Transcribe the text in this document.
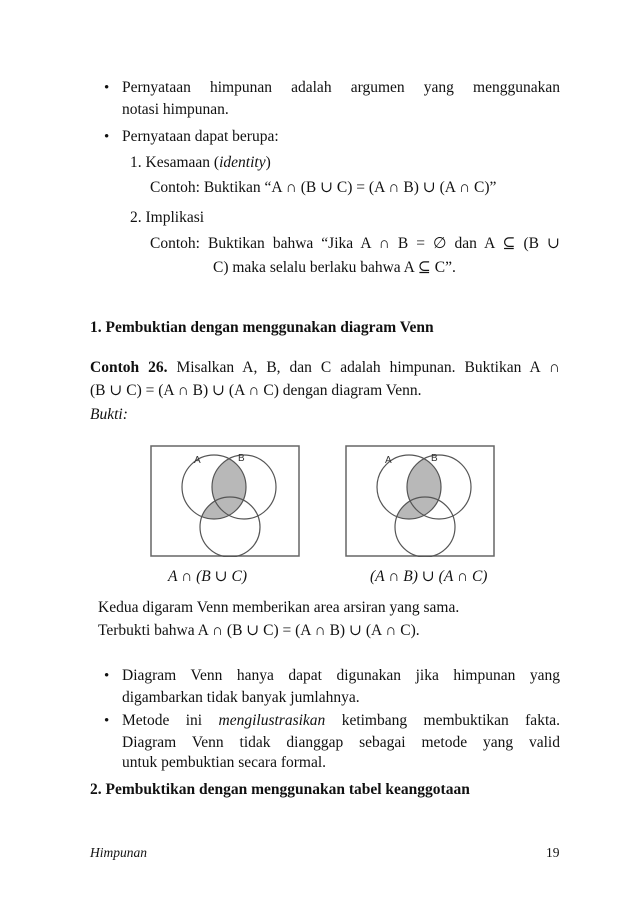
• Pernyataan himpunan adalah argumen yang menggunakan
notasi himpunan.
• Pernyataan dapat berupa:
1. Kesamaan (identity)
Contoh: Buktikan “A ∩ (B ∪ C) = (A ∩ B) ∪ (A ∩ C)”
2. Implikasi
Contoh: Buktikan bahwa “Jika A ∩ B = ∅ dan A ⊆ (B ∪
C) maka selalu berlaku bahwa A ⊆ C”.
1. Pembuktian dengan menggunakan diagram Venn
Contoh 26. Misalkan A, B, dan C adalah himpunan. Buktikan A ∩
(B ∪ C) = (A ∩ B) ∪ (A ∩ C) dengan diagram Venn.
Bukti:
A	B	A	B
A ∩ (B ∪ C)	(A ∩ B) ∪ (A ∩ C)
Kedua digaram Venn memberikan area arsiran yang sama.
Terbukti bahwa A ∩ (B ∪ C) = (A ∩ B) ∪ (A ∩ C).
• Diagram Venn hanya dapat digunakan jika himpunan yang
digambarkan tidak banyak jumlahnya.
• Metode ini mengilustrasikan ketimbang membuktikan fakta.
Diagram Venn tidak dianggap sebagai metode yang valid
untuk pembuktian secara formal.
2. Pembuktikan dengan menggunakan tabel keanggotaan
Himpunan	19
